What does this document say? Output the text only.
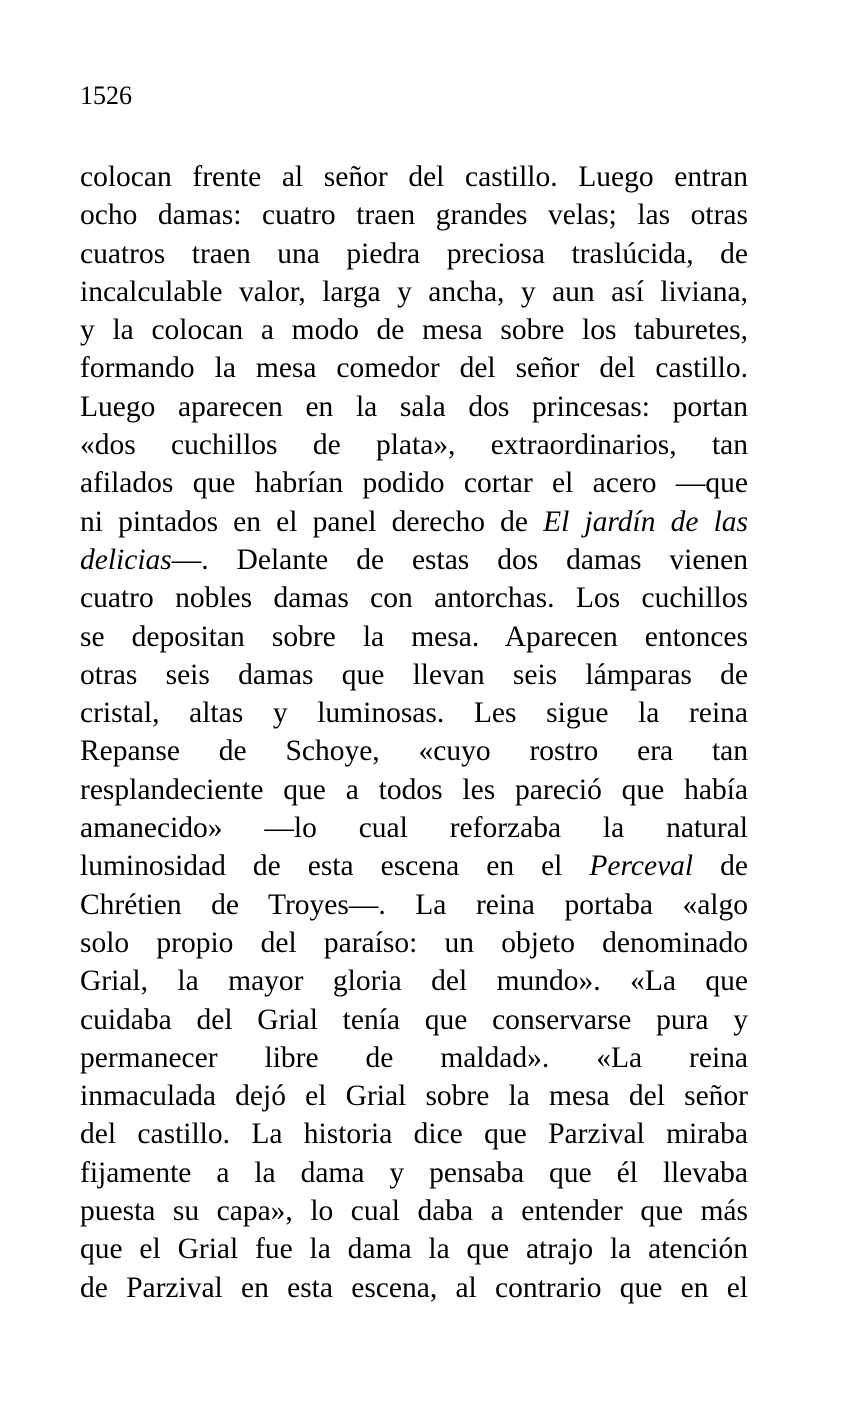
1526
colocan frente al señor del castillo. Luego entran
ocho damas: cuatro traen grandes velas; las otras
cuatros traen una piedra preciosa traslúcida, de
incalculable valor, larga y ancha, y aun así liviana,
y la colocan a modo de mesa sobre los taburetes,
formando la mesa comedor del señor del castillo.
Luego aparecen en la sala dos princesas: portan
«dos cuchillos de plata», extraordinarios, tan
afilados que habrían podido cortar el acero —que
ni pintados en el panel derecho de El jardín de las
delicias—. Delante de estas dos damas vienen
cuatro nobles damas con antorchas. Los cuchillos
se depositan sobre la mesa. Aparecen entonces
otras seis damas que llevan seis lámparas de
cristal, altas y luminosas. Les sigue la reina
Repanse de Schoye, «cuyo rostro era tan
resplandeciente que a todos les pareció que había
amanecido» —lo cual reforzaba la natural
luminosidad de esta escena en el Perceval de
Chrétien de Troyes—. La reina portaba «algo
solo propio del paraíso: un objeto denominado
Grial, la mayor gloria del mundo». «La que
cuidaba del Grial tenía que conservarse pura y
permanecer libre de maldad». «La reina
inmaculada dejó el Grial sobre la mesa del señor
del castillo. La historia dice que Parzival miraba
fijamente a la dama y pensaba que él llevaba
puesta su capa», lo cual daba a entender que más
que el Grial fue la dama la que atrajo la atención
de Parzival en esta escena, al contrario que en el
